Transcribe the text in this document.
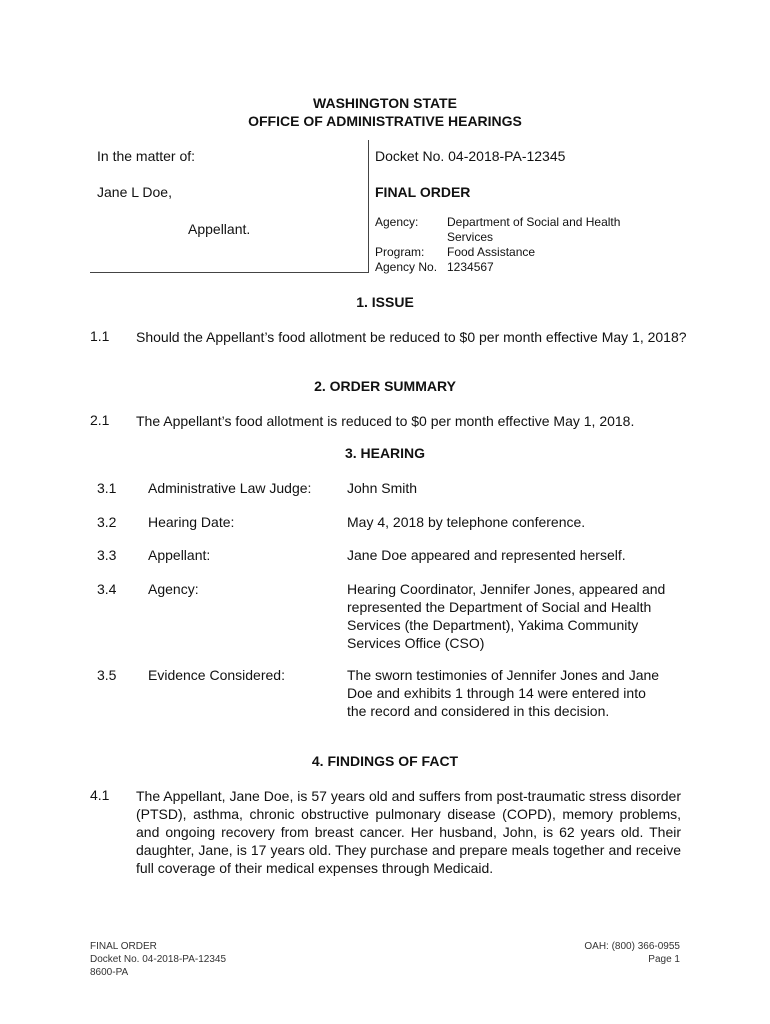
WASHINGTON STATE
OFFICE OF ADMINISTRATIVE HEARINGS
In the matter of:
Jane L Doe,
Appellant.
Docket No. 04-2018-PA-12345
FINAL ORDER
Agency:	Department of Social and Health Services
Program:	Food Assistance
Agency No. 1234567
1. ISSUE
1.1 Should the Appellant’s food allotment be reduced to $0 per month effective May 1, 2018?
2. ORDER SUMMARY
2.1 The Appellant’s food allotment is reduced to $0 per month effective May 1, 2018.
3. HEARING
3.1 Administrative Law Judge:	John Smith
3.2 Hearing Date:	May 4, 2018 by telephone conference.
3.3 Appellant:	Jane Doe appeared and represented herself.
3.4 Agency:	Hearing Coordinator, Jennifer Jones, appeared and represented the Department of Social and Health Services (the Department), Yakima Community Services Office (CSO)
3.5 Evidence Considered:	The sworn testimonies of Jennifer Jones and Jane Doe and exhibits 1 through 14 were entered into the record and considered in this decision.
4. FINDINGS OF FACT
4.1 The Appellant, Jane Doe, is 57 years old and suffers from post-traumatic stress disorder (PTSD), asthma, chronic obstructive pulmonary disease (COPD), memory problems, and ongoing recovery from breast cancer. Her husband, John, is 62 years old. Their daughter, Jane, is 17 years old. They purchase and prepare meals together and receive full coverage of their medical expenses through Medicaid.
FINAL ORDER
Docket No. 04-2018-PA-12345
8600-PA
OAH: (800) 366-0955
Page 1
